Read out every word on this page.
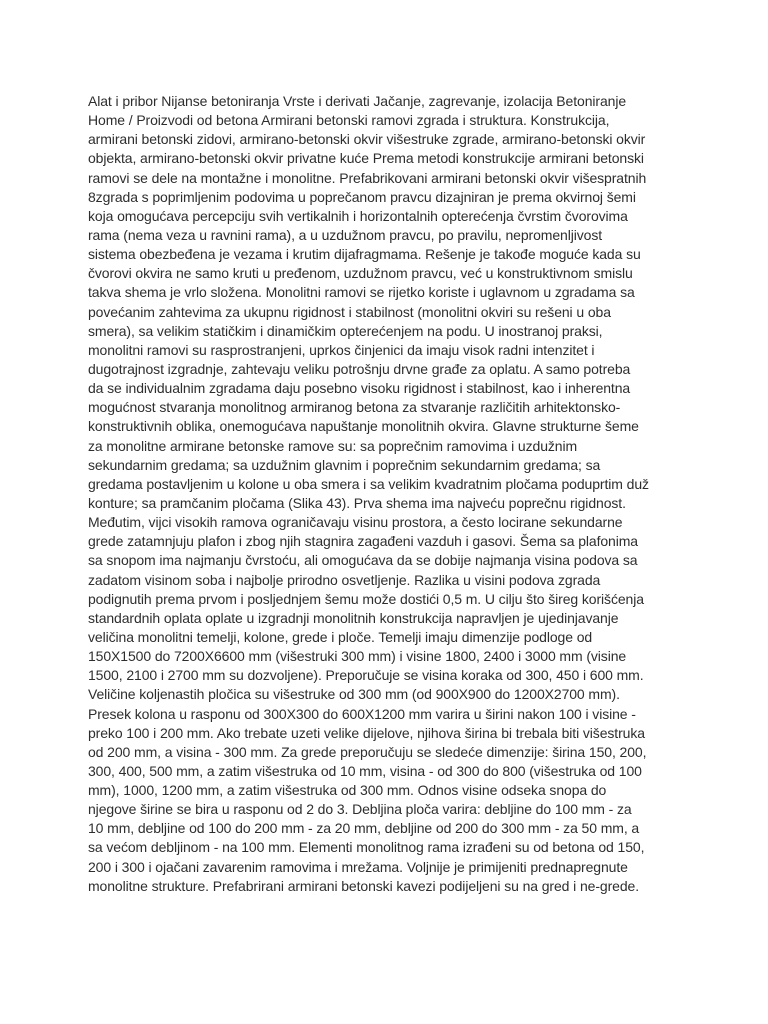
Alat i pribor Nijanse betoniranja Vrste i derivati Jačanje, zagrevanje, izolacija Betoniranje
Home / Proizvodi od betona Armirani betonski ramovi zgrada i struktura. Konstrukcija,
armirani betonski zidovi, armirano-betonski okvir višestruke zgrade, armirano-betonski okvir
objekta, armirano-betonski okvir privatne kuće Prema metodi konstrukcije armirani betonski
ramovi se dele na montažne i monolitne. Prefabrikovani armirani betonski okvir višespratnih
8zgrada s poprimljenim podovima u poprečanom pravcu dizajniran je prema okvirnoj šemi
koja omogućava percepciju svih vertikalnih i horizontalnih opterećenja čvrstim čvorovima
rama (nema veza u ravnini rama), a u uzdužnom pravcu, po pravilu, nepromenljivost
sistema obezbeđena je vezama i krutim dijafragmama. Rešenje je takođe moguće kada su
čvorovi okvira ne samo kruti u pređenom, uzdužnom pravcu, već u konstruktivnom smislu
takva shema je vrlo složena. Monolitni ramovi se rijetko koriste i uglavnom u zgradama sa
povećanim zahtevima za ukupnu rigidnost i stabilnost (monolitni okviri su rešeni u oba
smera), sa velikim statičkim i dinamičkim opterećenjem na podu. U inostranoj praksi,
monolitni ramovi su rasprostranjeni, uprkos činjenici da imaju visok radni intenzitet i
dugotrajnost izgradnje, zahtevaju veliku potrošnju drvne građe za oplatu. A samo potreba
da se individualnim zgradama daju posebno visoku rigidnost i stabilnost, kao i inherentna
mogućnost stvaranja monolitnog armiranog betona za stvaranje različitih arhitektonsko-
konstruktivnih oblika, onemogućava napuštanje monolitnih okvira. Glavne strukturne šeme
za monolitne armirane betonske ramove su: sa poprečnim ramovima i uzdužnim
sekundarnim gredama; sa uzdužnim glavnim i poprečnim sekundarnim gredama; sa
gredama postavljenim u kolone u oba smera i sa velikim kvadratnim pločama poduprtim duž
konture; sa pramčanim pločama (Slika 43). Prva shema ima najveću poprečnu rigidnost.
Međutim, vijci visokih ramova ograničavaju visinu prostora, a često locirane sekundarne
grede zatamnjuju plafon i zbog njih stagnira zagađeni vazduh i gasovi. Šema sa plafonima
sa snopom ima najmanju čvrstoću, ali omogućava da se dobije najmanja visina podova sa
zadatom visinom soba i najbolje prirodno osvetljenje. Razlika u visini podova zgrada
podignutih prema prvom i posljednjem šemu može dostići 0,5 m. U cilju što šireg korišćenja
standardnih oplata oplate u izgradnji monolitnih konstrukcija napravljen je ujedinjavanje
veličina monolitni temelji, kolone, grede i ploče. Temelji imaju dimenzije podloge od
150X1500 do 7200X6600 mm (višestruki 300 mm) i visine 1800, 2400 i 3000 mm (visine
1500, 2100 i 2700 mm su dozvoljene). Preporučuje se visina koraka od 300, 450 i 600 mm.
Veličine koljenastih pločica su višestruke od 300 mm (od 900X900 do 1200X2700 mm).
Presek kolona u rasponu od 300X300 do 600X1200 mm varira u širini nakon 100 i visine -
preko 100 i 200 mm. Ako trebate uzeti velike dijelove, njihova širina bi trebala biti višestruka
od 200 mm, a visina - 300 mm. Za grede preporučuju se sledeće dimenzije: širina 150, 200,
300, 400, 500 mm, a zatim višestruka od 10 mm, visina - od 300 do 800 (višestruka od 100
mm), 1000, 1200 mm, a zatim višestruka od 300 mm. Odnos visine odseka snopa do
njegove širine se bira u rasponu od 2 do 3. Debljina ploča varira: debljine do 100 mm - za
10 mm, debljine od 100 do 200 mm - za 20 mm, debljine od 200 do 300 mm - za 50 mm, a
sa većom debljinom - na 100 mm. Elementi monolitnog rama izrađeni su od betona od 150,
200 i 300 i ojačani zavarenim ramovima i mrežama. Voljnije je primijeniti prednapregnute
monolitne strukture. Prefabrirani armirani betonski kavezi podijeljeni su na gred i ne-grede.
